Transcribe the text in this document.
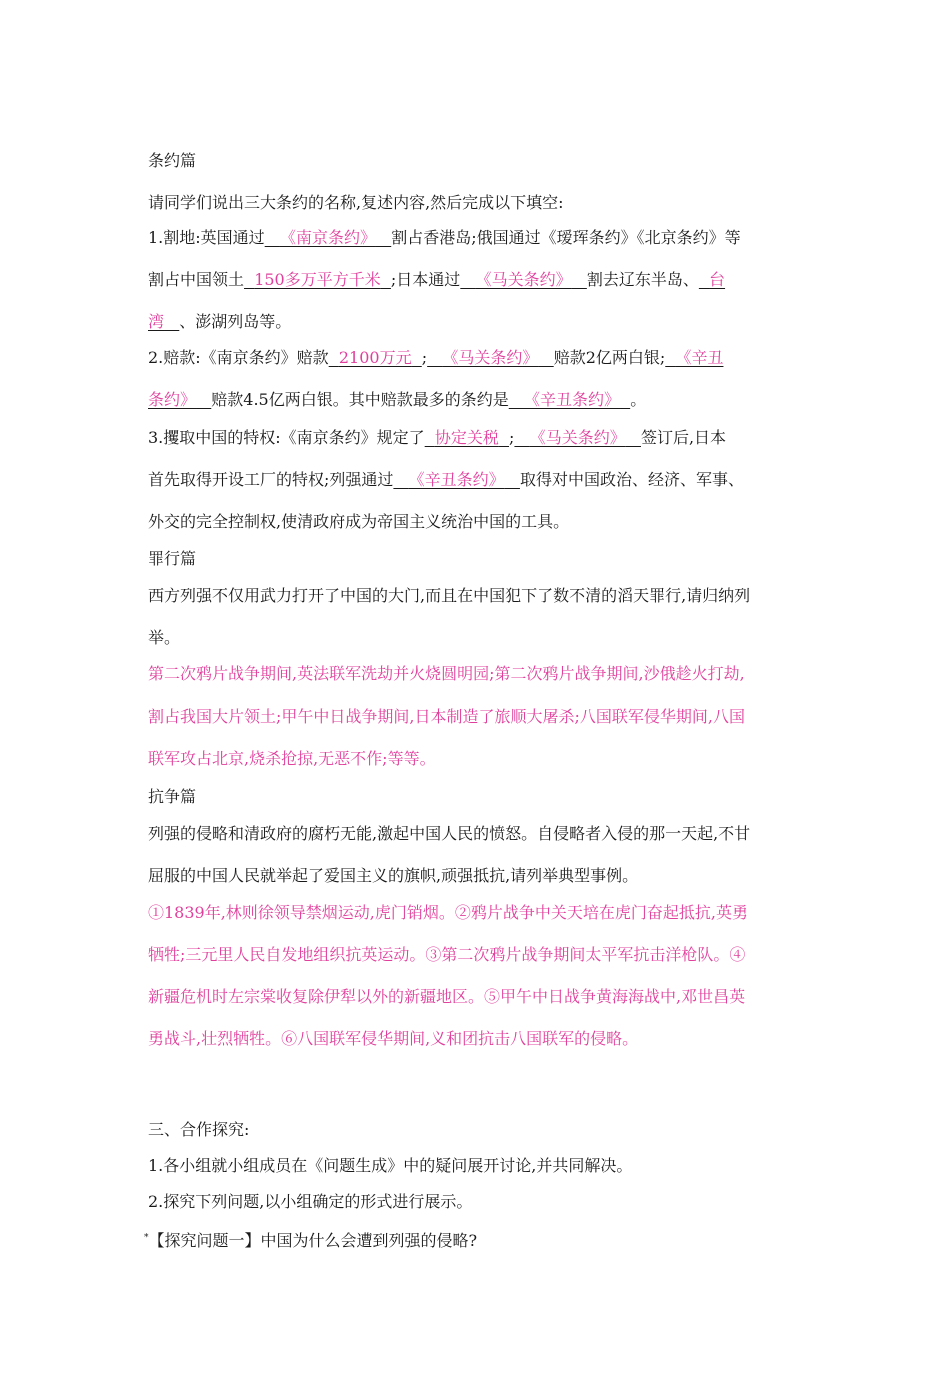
条约篇
请同学们说出三大条约的名称,复述内容,然后完成以下填空:
1.割地:英国通过 《南京条约》 割占香港岛;俄国通过《瑷珲条约》《北京条约》等
割占中国领土 150多万平方千米 ;日本通过 《马关条约》 割去辽东半岛、 台
湾 、澎湖列岛等。
2.赔款:《南京条约》赔款 2100万元 ; 《马关条约》 赔款2亿两白银; 《辛丑
条约》 赔款4.5亿两白银。其中赔款最多的条约是 《辛丑条约》 。
3.攫取中国的特权:《南京条约》规定了 协定关税 ; 《马关条约》 签订后,日本
首先取得开设工厂的特权;列强通过 《辛丑条约》 取得对中国政治、经济、军事、
外交的完全控制权,使清政府成为帝国主义统治中国的工具。
罪行篇
西方列强不仅用武力打开了中国的大门,而且在中国犯下了数不清的滔天罪行,请归纳列
举。
第二次鸦片战争期间,英法联军洗劫并火烧圆明园;第二次鸦片战争期间,沙俄趁火打劫,
割占我国大片领土;甲午中日战争期间,日本制造了旅顺大屠杀;八国联军侵华期间,八国
联军攻占北京,烧杀抢掠,无恶不作;等等。
抗争篇
列强的侵略和清政府的腐朽无能,激起中国人民的愤怒。自侵略者入侵的那一天起,不甘
屈服的中国人民就举起了爱国主义的旗帜,顽强抵抗,请列举典型事例。
①1839年,林则徐领导禁烟运动,虎门销烟。②鸦片战争中关天培在虎门奋起抵抗,英勇
牺牲;三元里人民自发地组织抗英运动。③第二次鸦片战争期间太平军抗击洋枪队。④
新疆危机时左宗棠收复除伊犁以外的新疆地区。⑤甲午中日战争黄海海战中,邓世昌英
勇战斗,壮烈牺牲。⑥八国联军侵华期间,义和团抗击八国联军的侵略。
三、合作探究:
1.各小组就小组成员在《问题生成》中的疑问展开讨论,并共同解决。
2.探究下列问题,以小组确定的形式进行展示。
*【探究问题一】中国为什么会遭到列强的侵略?
